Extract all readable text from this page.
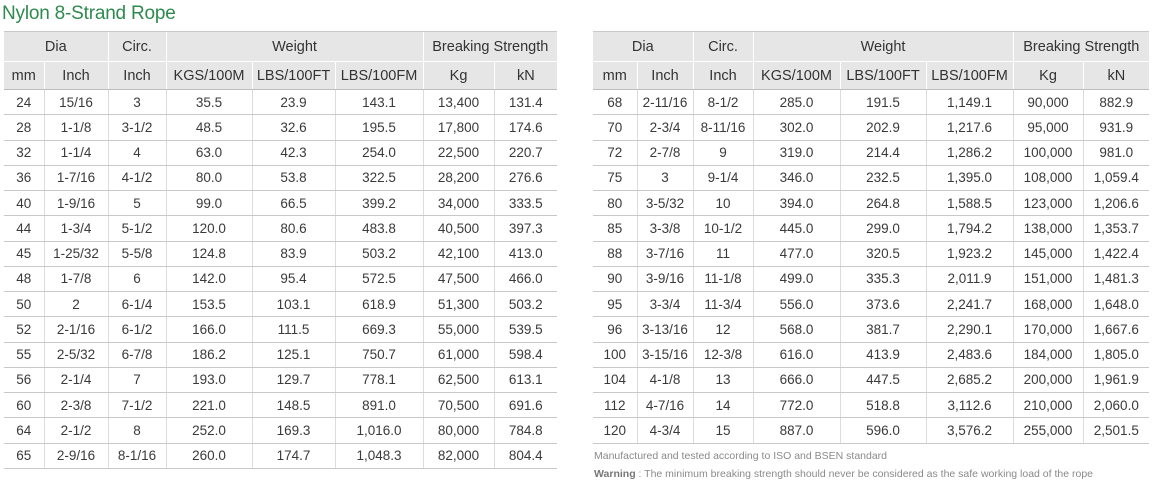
Nylon 8-Strand Rope
Dia		Circ.	Weight			Breaking Strength	
mm	Inch	Inch	KGS/100M	LBS/100FT	LBS/100FM	Kg	kN
24	15/16	3	35.5	23.9	143.1	13,400	131.4
28	1-1/8	3-1/2	48.5	32.6	195.5	17,800	174.6
32	1-1/4	4	63.0	42.3	254.0	22,500	220.7
36	1-7/16	4-1/2	80.0	53.8	322.5	28,200	276.6
40	1-9/16	5	99.0	66.5	399.2	34,000	333.5
44	1-3/4	5-1/2	120.0	80.6	483.8	40,500	397.3
45	1-25/32	5-5/8	124.8	83.9	503.2	42,100	413.0
48	1-7/8	6	142.0	95.4	572.5	47,500	466.0
50	2	6-1/4	153.5	103.1	618.9	51,300	503.2
52	2-1/16	6-1/2	166.0	111.5	669.3	55,000	539.5
55	2-5/32	6-7/8	186.2	125.1	750.7	61,000	598.4
56	2-1/4	7	193.0	129.7	778.1	62,500	613.1
60	2-3/8	7-1/2	221.0	148.5	891.0	70,500	691.6
64	2-1/2	8	252.0	169.3	1,016.0	80,000	784.8
65	2-9/16	8-1/16	260.0	174.7	1,048.3	82,000	804.4
Dia		Circ.	Weight			Breaking Strength	
mm	Inch	Inch	KGS/100M	LBS/100FT	LBS/100FM	Kg	kN
68	2-11/16	8-1/2	285.0	191.5	1,149.1	90,000	882.9
70	2-3/4	8-11/16	302.0	202.9	1,217.6	95,000	931.9
72	2-7/8	9	319.0	214.4	1,286.2	100,000	981.0
75	3	9-1/4	346.0	232.5	1,395.0	108,000	1,059.4
80	3-5/32	10	394.0	264.8	1,588.5	123,000	1,206.6
85	3-3/8	10-1/2	445.0	299.0	1,794.2	138,000	1,353.7
88	3-7/16	11	477.0	320.5	1,923.2	145,000	1,422.4
90	3-9/16	11-1/8	499.0	335.3	2,011.9	151,000	1,481.3
95	3-3/4	11-3/4	556.0	373.6	2,241.7	168,000	1,648.0
96	3-13/16	12	568.0	381.7	2,290.1	170,000	1,667.6
100	3-15/16	12-3/8	616.0	413.9	2,483.6	184,000	1,805.0
104	4-1/8	13	666.0	447.5	2,685.2	200,000	1,961.9
112	4-7/16	14	772.0	518.8	3,112.6	210,000	2,060.0
120	4-3/4	15	887.0	596.0	3,576.2	255,000	2,501.5
Manufactured and tested according to ISO and BSEN standard
Warning : The minimum breaking strength should never be considered as the safe working load of the rope
